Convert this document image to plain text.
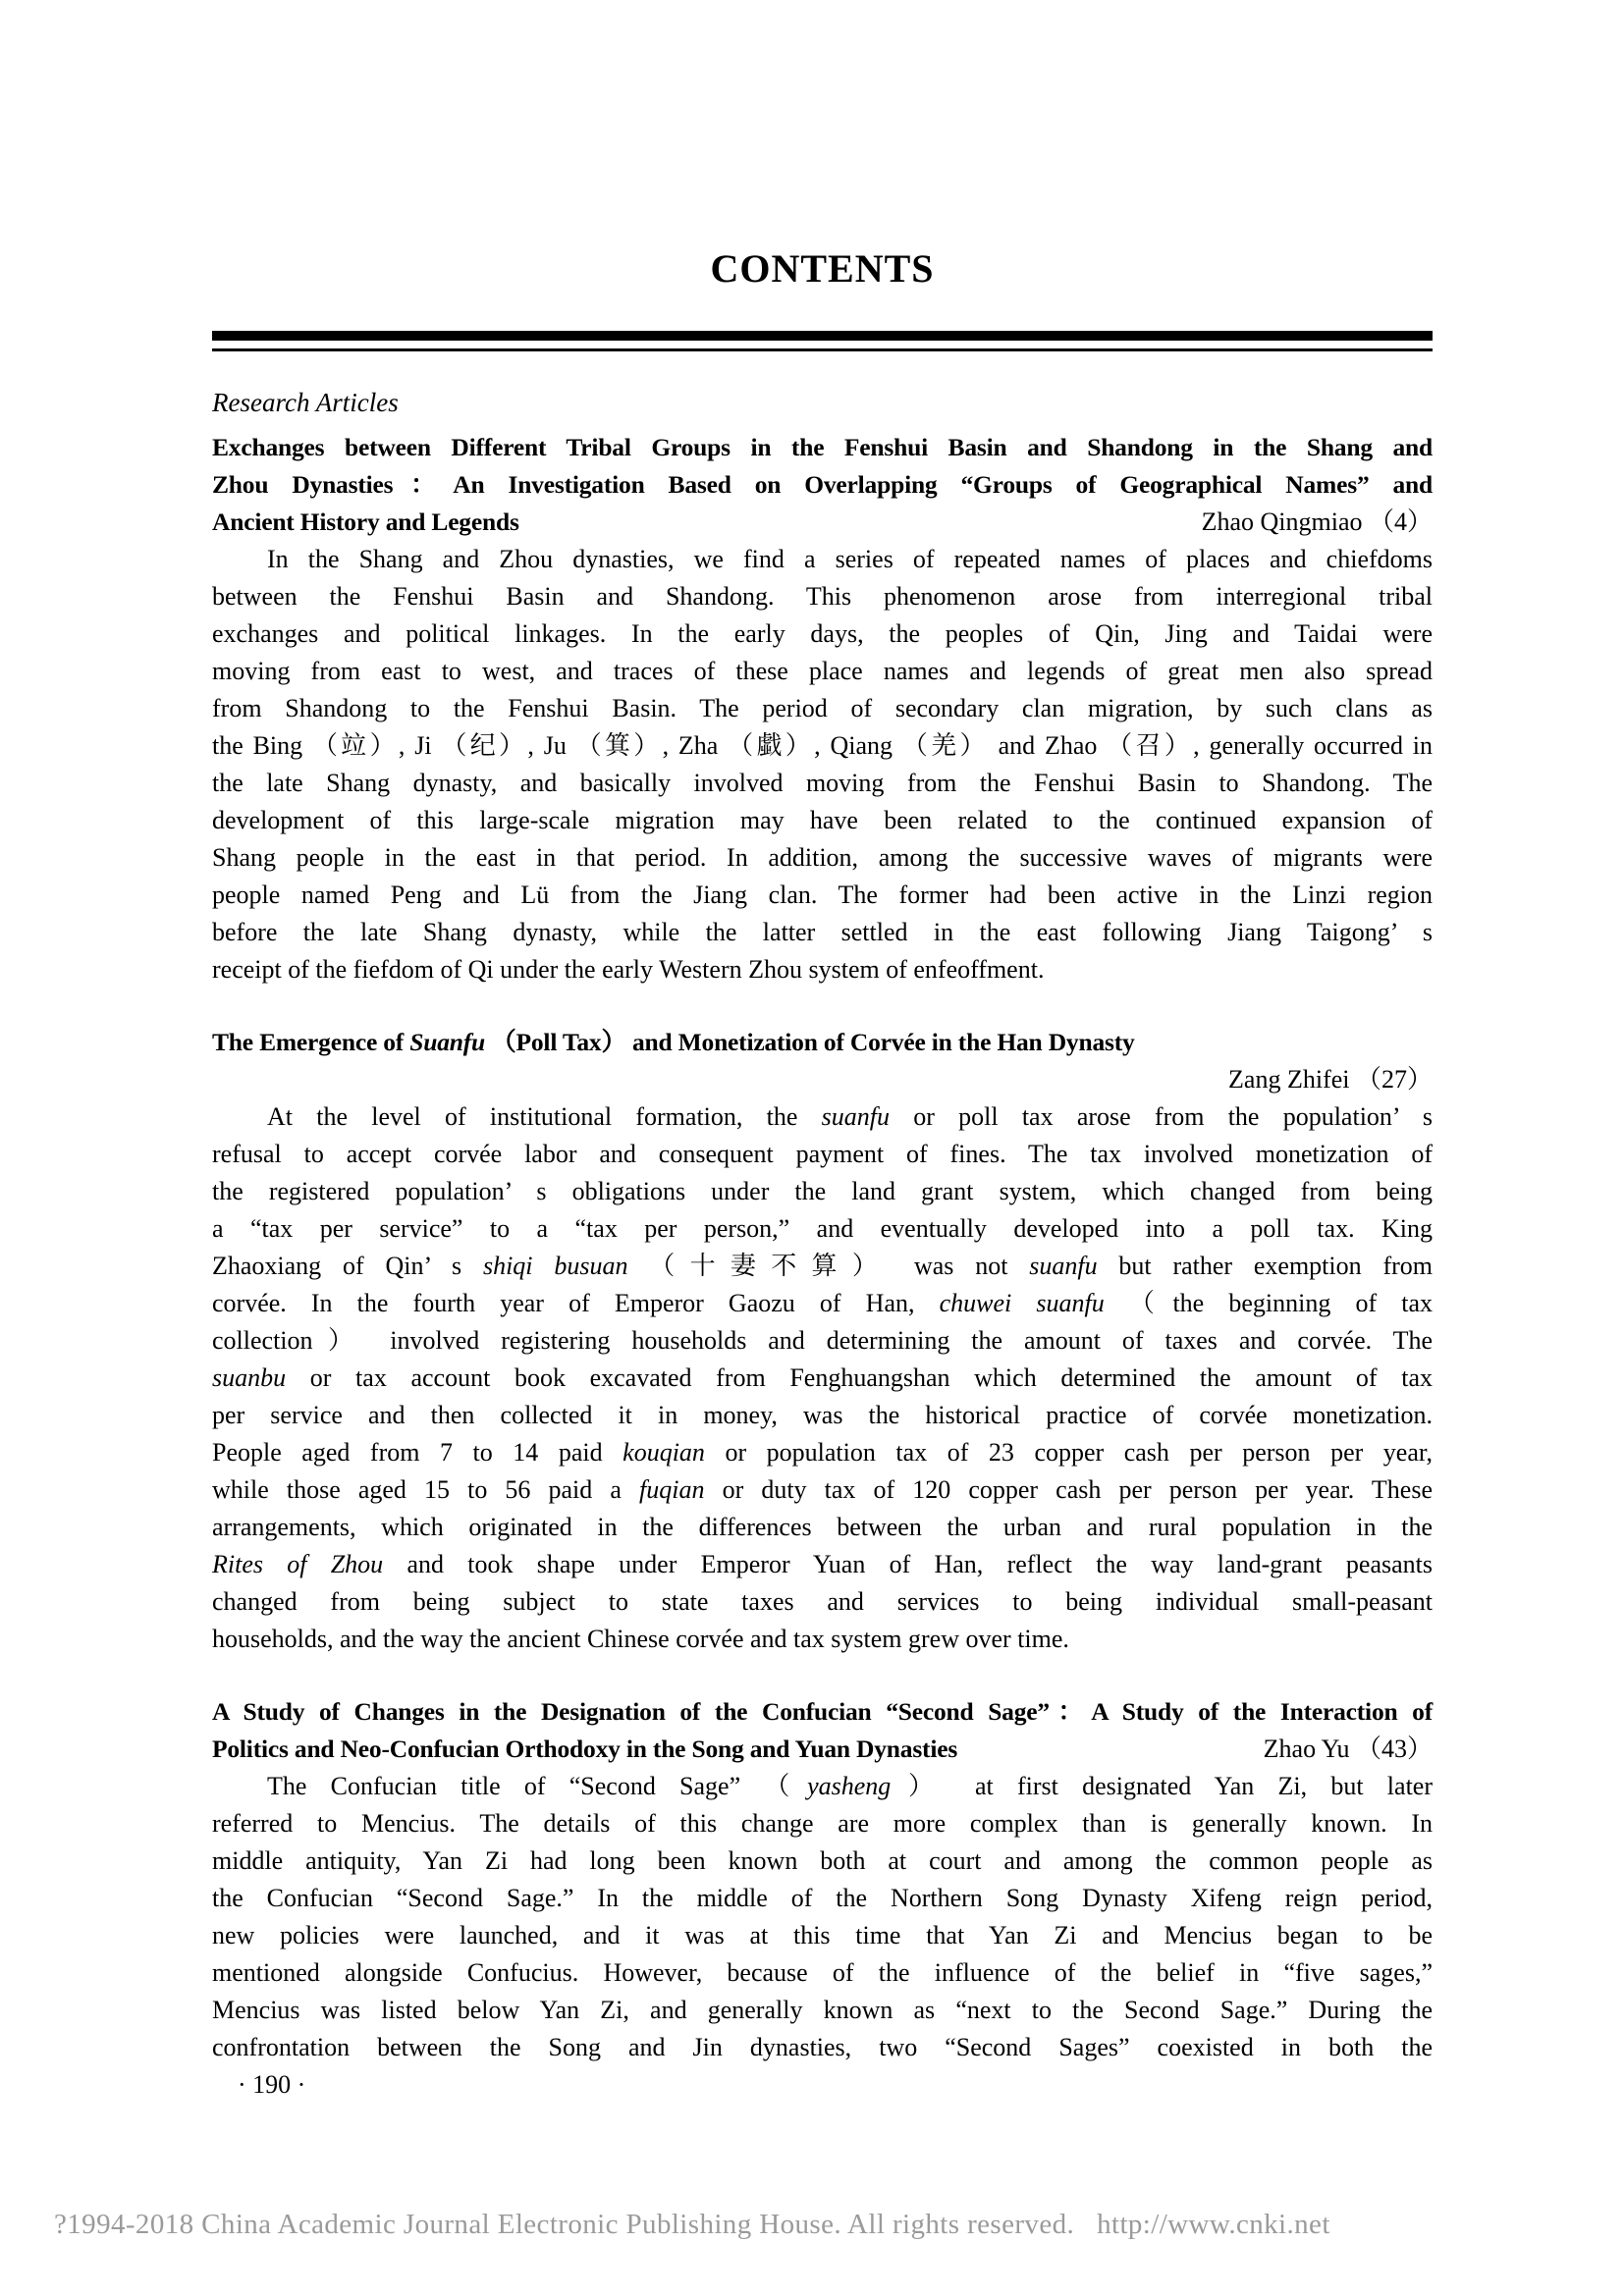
CONTENTS
Research Articles
Exchanges between Different Tribal Groups in the Fenshui Basin and Shandong in the Shang and
Zhou Dynasties：An Investigation Based on Overlapping “Groups of Geographical Names” and
Ancient History and Legends	Zhao Qingmiao （4）
In the Shang and Zhou dynasties, we find a series of repeated names of places and chiefdoms
between the Fenshui Basin and Shandong. This phenomenon arose from interregional tribal
exchanges and political linkages. In the early days, the peoples of Qin, Jing and Taidai were
moving from east to west, and traces of these place names and legends of great men also spread
from Shandong to the Fenshui Basin. The period of secondary clan migration, by such clans as
the Bing （竝）, Ji （纪）, Ju （箕）, Zha （戱）, Qiang （羌） and Zhao （召）, generally occurred in
the late Shang dynasty, and basically involved moving from the Fenshui Basin to Shandong. The
development of this large-scale migration may have been related to the continued expansion of
Shang people in the east in that period. In addition, among the successive waves of migrants were
people named Peng and Lü from the Jiang clan. The former had been active in the Linzi region
before the late Shang dynasty, while the latter settled in the east following Jiang Taigong’ s
receipt of the fiefdom of Qi under the early Western Zhou system of enfeoffment.
The Emergence of Suanfu （Poll Tax） and Monetization of Corvée in the Han Dynasty
Zang Zhifei （27）
At the level of institutional formation, the suanfu or poll tax arose from the population’ s
refusal to accept corvée labor and consequent payment of fines. The tax involved monetization of
the registered population’ s obligations under the land grant system, which changed from being
a “tax per service” to a “tax per person,” and eventually developed into a poll tax. King
Zhaoxiang of Qin’ s shiqi busuan （十妻不算） was not suanfu but rather exemption from
corvée. In the fourth year of Emperor Gaozu of Han, chuwei suanfu （the beginning of tax
collection） involved registering households and determining the amount of taxes and corvée. The
suanbu or tax account book excavated from Fenghuangshan which determined the amount of tax
per service and then collected it in money, was the historical practice of corvée monetization.
People aged from 7 to 14 paid kouqian or population tax of 23 copper cash per person per year,
while those aged 15 to 56 paid a fuqian or duty tax of 120 copper cash per person per year. These
arrangements, which originated in the differences between the urban and rural population in the
Rites of Zhou and took shape under Emperor Yuan of Han, reflect the way land-grant peasants
changed from being subject to state taxes and services to being individual small-peasant
households, and the way the ancient Chinese corvée and tax system grew over time.
A Study of Changes in the Designation of the Confucian “Second Sage”：A Study of the Interaction of
Politics and Neo-Confucian Orthodoxy in the Song and Yuan Dynasties	Zhao Yu （43）
The Confucian title of “Second Sage” （yasheng） at first designated Yan Zi, but later
referred to Mencius. The details of this change are more complex than is generally known. In
middle antiquity, Yan Zi had long been known both at court and among the common people as
the Confucian “Second Sage.” In the middle of the Northern Song Dynasty Xifeng reign period,
new policies were launched, and it was at this time that Yan Zi and Mencius began to be
mentioned alongside Confucius. However, because of the influence of the belief in “five sages,”
Mencius was listed below Yan Zi, and generally known as “next to the Second Sage.” During the
confrontation between the Song and Jin dynasties, two “Second Sages” coexisted in both the
· 190 ·
?1994-2018 China Academic Journal Electronic Publishing House. All rights reserved.   http://www.cnki.net
